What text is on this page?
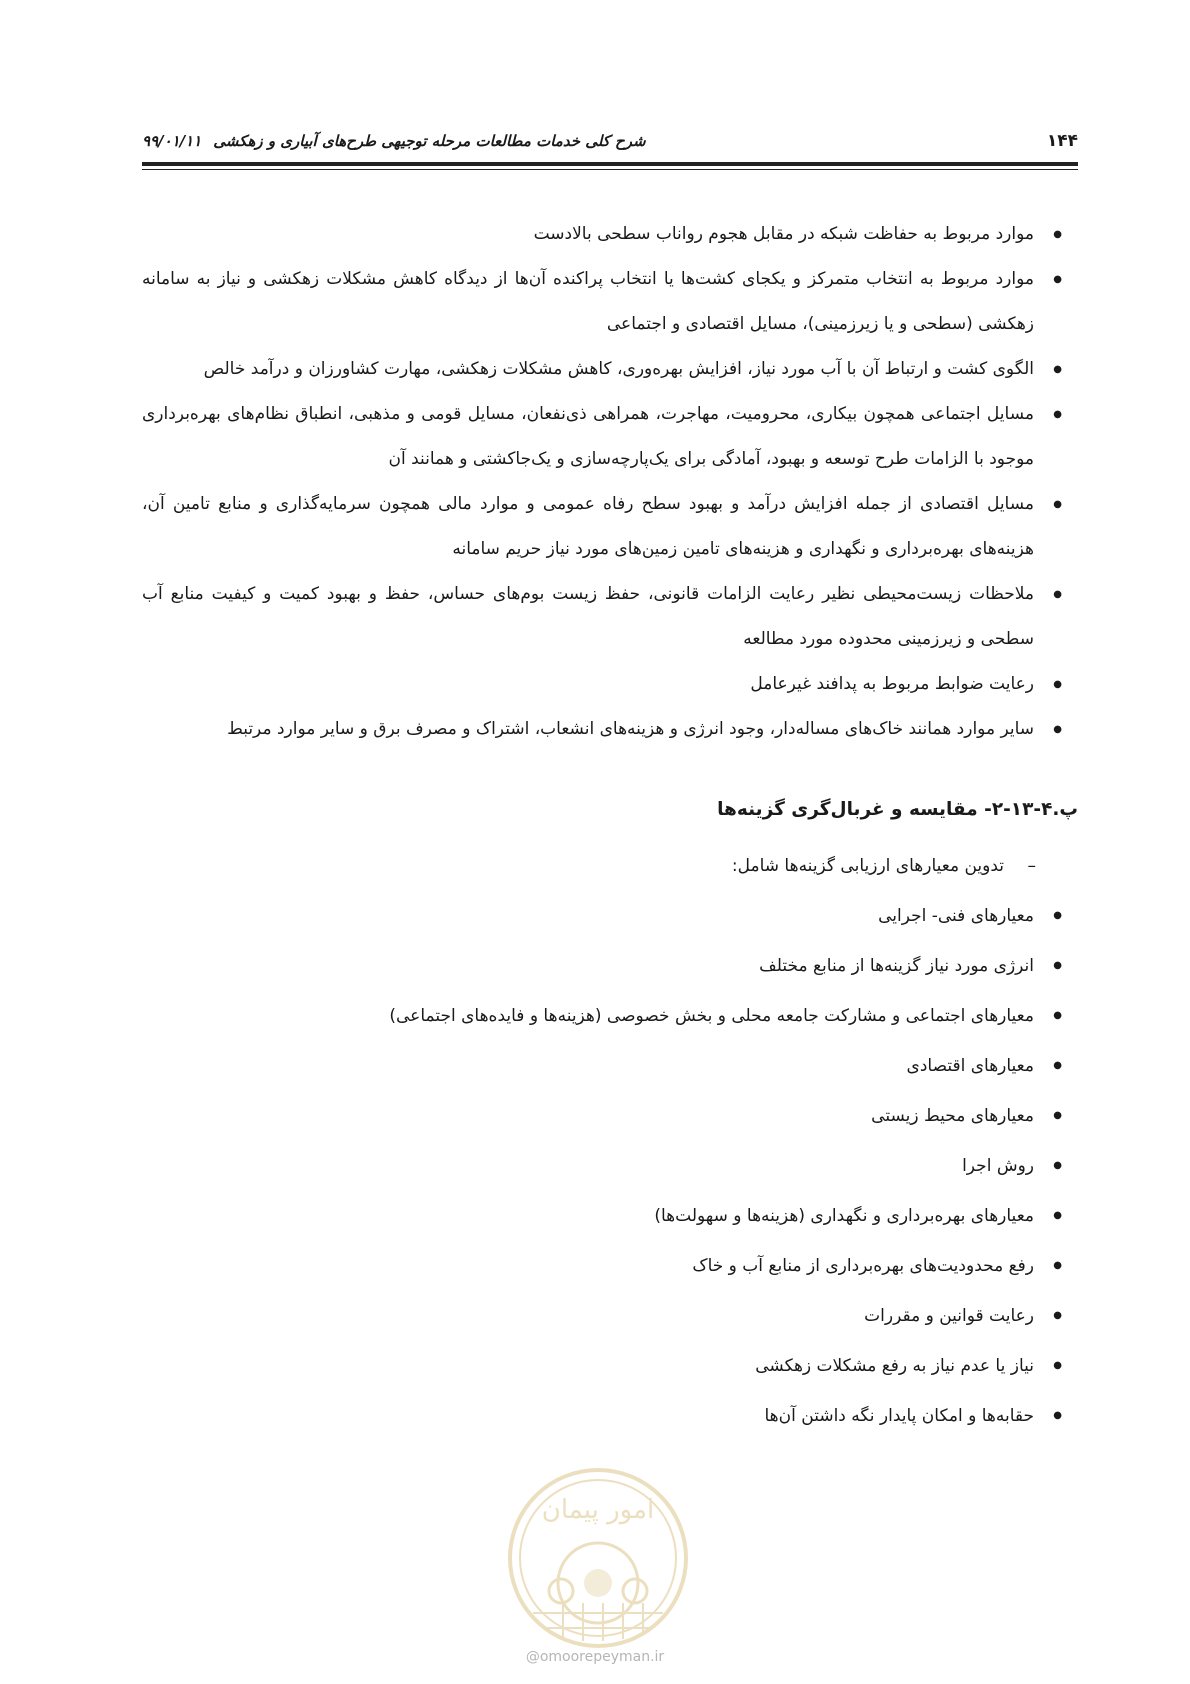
۱۴۴
شرح کلی خدمات مطالعات مرحله توجیهی طرح‌های آبیاری و زهکشی
۹۹/۰۱/۱۱
● موارد مربوط به حفاظت شبکه در مقابل هجوم رواناب سطحی بالادست
● موارد مربوط به انتخاب متمرکز و یکجای کشت‌ها یا انتخاب پراکنده آن‌ها از دیدگاه کاهش مشکلات زهکشی و نیاز به سامانه زهکشی (سطحی و یا زیرزمینی)، مسایل اقتصادی و اجتماعی
● الگوی کشت و ارتباط آن با آب مورد نیاز، افزایش بهره‌وری، کاهش مشکلات زهکشی، مهارت کشاورزان و درآمد خالص
● مسایل اجتماعی همچون بیکاری، محرومیت، مهاجرت، همراهی ذی‌نفعان، مسایل قومی و مذهبی، انطباق نظام‌های بهره‌برداری موجود با الزامات طرح توسعه و بهبود، آمادگی برای یک‌پارچه‌سازی و یک‌جاکشتی و همانند آن
● مسایل اقتصادی از جمله افزایش درآمد و بهبود سطح رفاه عمومی و موارد مالی همچون سرمایه‌گذاری و منابع تامین آن، هزینه‌های بهره‌برداری و نگهداری و هزینه‌های تامین زمین‌های مورد نیاز حریم سامانه
● ملاحظات زیست‌محیطی نظیر رعایت الزامات قانونی، حفظ زیست بوم‌های حساس، حفظ و بهبود کمیت و کیفیت منابع آب سطحی و زیرزمینی محدوده مورد مطالعه
● رعایت ضوابط مربوط به پدافند غیرعامل
● سایر موارد همانند خاک‌های مساله‌دار، وجود انرژی و هزینه‌های انشعاب، اشتراک و مصرف برق و سایر موارد مرتبط
پ.۴-۱۳-۲- مقایسه و غربال‌گری گزینه‌ها
– تدوین معیارهای ارزیابی گزینه‌ها شامل:
● معیارهای فنی- اجرایی
● انرژی مورد نیاز گزینه‌ها از منابع مختلف
● معیارهای اجتماعی و مشارکت جامعه محلی و بخش خصوصی (هزینه‌ها و فایده‌های اجتماعی)
● معیارهای اقتصادی
● معیارهای محیط زیستی
● روش اجرا
● معیارهای بهره‌برداری و نگهداری (هزینه‌ها و سهولت‌ها)
● رفع محدودیت‌های بهره‌برداری از منابع آب و خاک
● رعایت قوانین و مقررات
● نیاز یا عدم نیاز به رفع مشکلات زهکشی
● حقابه‌ها و امکان پایدار نگه داشتن آن‌ها
امور پیمان
@omoorepeyman.ir
